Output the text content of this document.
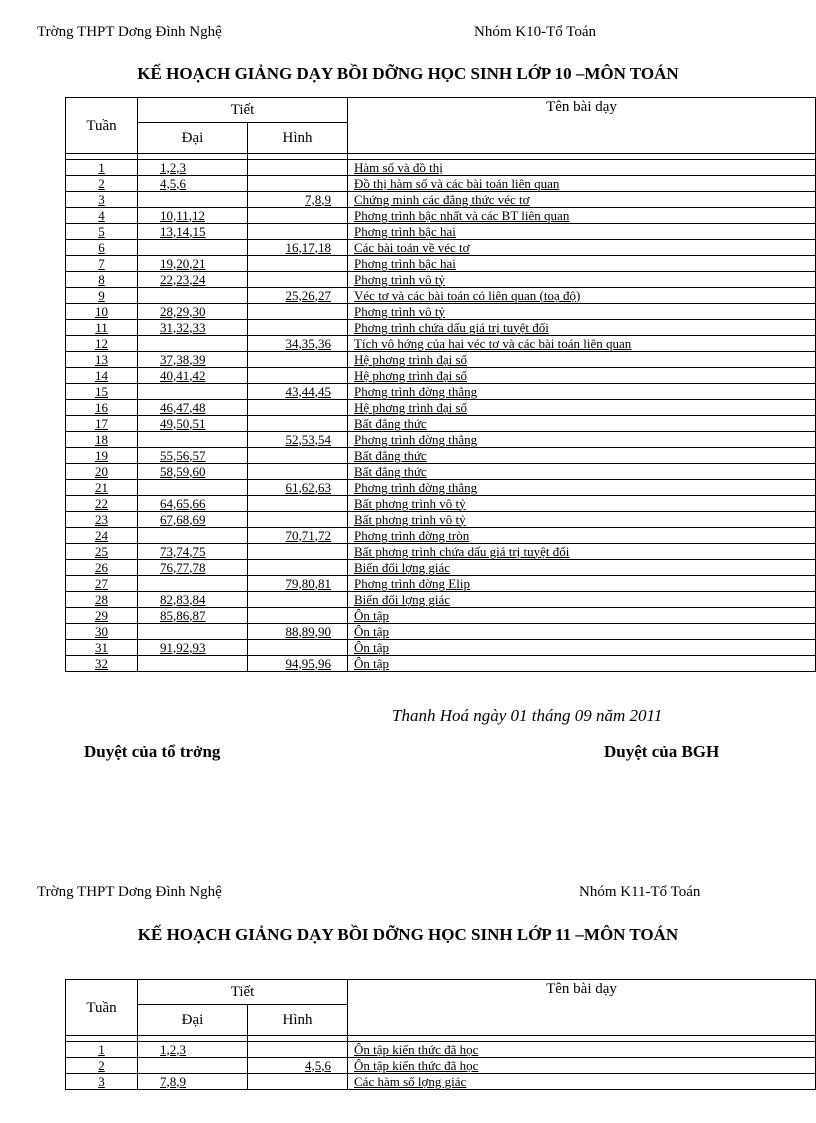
Trờng THPT Dơng Đình Nghệ	Nhóm K10-Tổ Toán
KẾ HOẠCH GIẢNG DẠY BỒI DỠNG HỌC SINH LỚP 10 –MÔN TOÁN
Tuần	Tiết		Tên bài dạy
	Đại	Hình	

1	1,2,3		Hàm số và đồ thị
2	4,5,6		Đồ thị hàm số và các bài toán liên quan
3		7,8,9	Chứng minh các đẳng thức véc tơ
4	10,11,12		Phơng trình bậc nhất và các BT liên quan
5	13,14,15		Phơng trình bậc hai
6		16,17,18	Các bài toán về véc tơ
7	19,20,21		Phơng trình bậc hai
8	22,23,24		Phơng trình vô tỷ
9		25,26,27	Véc tơ và các bài toán có liên quan (toạ độ)
10	28,29,30		Phơng trình vô tỷ
11	31,32,33		Phơng trình chứa dấu giá trị tuyệt đối
12		34,35,36	Tích vô hớng của hai véc tơ và các bài toán liên quan
13	37,38,39		Hệ phơng trình đại số
14	40,41,42		Hệ phơng trình đại số
15		43,44,45	Phơng trình đờng thẳng
16	46,47,48		Hệ phơng trình đại số
17	49,50,51		Bất đẳng thức
18		52,53,54	Phơng trình đờng thẳng
19	55,56,57		Bất đẳng thức
20	58,59,60		Bất đẳng thức
21		61,62,63	Phơng trình đờng thẳng
22	64,65,66		Bất phơng trình vô tỷ
23	67,68,69		Bất phơng trình vô tỷ
24		70,71,72	Phơng trình đờng tròn
25	73,74,75		Bất phơng trình chứa dấu giá trị tuyệt đối
26	76,77,78		Biến đổi lợng giác
27		79,80,81	Phơng trình đờng Elip
28	82,83,84		Biến đổi lợng giác
29	85,86,87		Ôn tập
30		88,89,90	Ôn tập
31	91,92,93		Ôn tập
32		94,95,96	Ôn tập
Thanh Hoá ngày 01 tháng 09 năm 2011
Duyệt của tổ trởng	Duyệt của BGH
Trờng THPT Dơng Đình Nghệ	Nhóm K11-Tổ Toán
KẾ HOẠCH GIẢNG DẠY BỒI DỠNG HỌC SINH LỚP 11 –MÔN TOÁN
Tuần	Tiết		Tên bài dạy
	Đại	Hình	

1	1,2,3		Ôn tập kiến thức đã học
2		4,5,6	Ôn tập kiến thức đã học
3	7,8,9		Các hàm số lợng giác
